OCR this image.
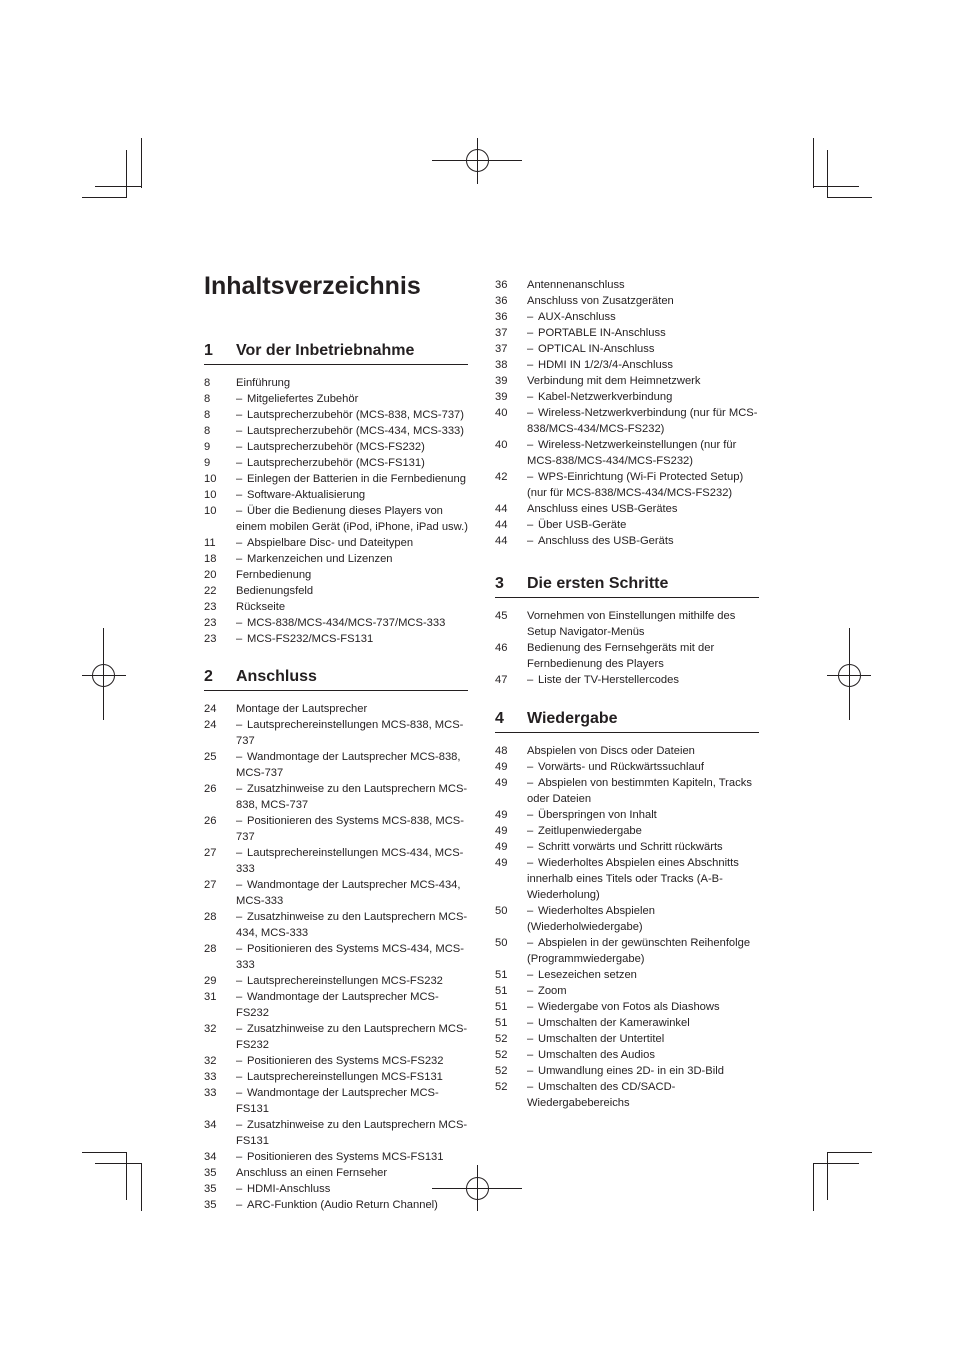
Inhaltsverzeichnis
1 Vor der Inbetriebnahme
8 Einführung
8	– Mitgeliefertes Zubehör
8	– Lautsprecherzubehör (MCS-838, MCS-737)
8	– Lautsprecherzubehör (MCS-434, MCS-333)
9	– Lautsprecherzubehör (MCS-FS232)
9	– Lautsprecherzubehör (MCS-FS131)
10	– Einlegen der Batterien in die Fernbedienung
10	– Software-Aktualisierung
10	– Über die Bedienung dieses Players von einem mobilen Gerät (iPod, iPhone, iPad usw.)
11	– Abspielbare Disc- und Dateitypen
18	– Markenzeichen und Lizenzen
20 Fernbedienung
22 Bedienungsfeld
23 Rückseite
23	– MCS-838/MCS-434/MCS-737/MCS-333
23	– MCS-FS232/MCS-FS131
2 Anschluss
24 Montage der Lautsprecher
24	– Lautsprechereinstellungen MCS-838, MCS-737
25	– Wandmontage der Lautsprecher MCS-838, MCS-737
26	– Zusatzhinweise zu den Lautsprechern MCS-838, MCS-737
26	– Positionieren des Systems MCS-838, MCS-737
27	– Lautsprechereinstellungen MCS-434, MCS-333
27	– Wandmontage der Lautsprecher MCS-434, MCS-333
28	– Zusatzhinweise zu den Lautsprechern MCS-434, MCS-333
28	– Positionieren des Systems MCS-434, MCS-333
29	– Lautsprechereinstellungen MCS-FS232
31	– Wandmontage der Lautsprecher MCS-FS232
32	– Zusatzhinweise zu den Lautsprechern MCS-FS232
32	– Positionieren des Systems MCS-FS232
33	– Lautsprechereinstellungen MCS-FS131
33	– Wandmontage der Lautsprecher MCS-FS131
34	– Zusatzhinweise zu den Lautsprechern MCS-FS131
34	– Positionieren des Systems MCS-FS131
35 Anschluss an einen Fernseher
35	– HDMI-Anschluss
35	– ARC-Funktion (Audio Return Channel)
36 Antennenanschluss
36 Anschluss von Zusatzgeräten
36	– AUX-Anschluss
37	– PORTABLE IN-Anschluss
37	– OPTICAL IN-Anschluss
38	– HDMI IN 1/2/3/4-Anschluss
39 Verbindung mit dem Heimnetzwerk
39	– Kabel-Netzwerkverbindung
40	– Wireless-Netzwerkverbindung (nur für MCS-838/MCS-434/MCS-FS232)
40	– Wireless-Netzwerkeinstellungen (nur für MCS-838/MCS-434/MCS-FS232)
42	– WPS-Einrichtung (Wi-Fi Protected Setup) (nur für MCS-838/MCS-434/MCS-FS232)
44 Anschluss eines USB-Gerätes
44	– Über USB-Geräte
44	– Anschluss des USB-Geräts
3 Die ersten Schritte
45 Vornehmen von Einstellungen mithilfe des Setup Navigator-Menüs
46 Bedienung des Fernsehgeräts mit der Fernbedienung des Players
47	– Liste der TV-Herstellercodes
4 Wiedergabe
48 Abspielen von Discs oder Dateien
49	– Vorwärts- und Rückwärtssuchlauf
49	– Abspielen von bestimmten Kapiteln, Tracks oder Dateien
49	– Überspringen von Inhalt
49	– Zeitlupenwiedergabe
49	– Schritt vorwärts und Schritt rückwärts
49	– Wiederholtes Abspielen eines Abschnitts innerhalb eines Titels oder Tracks (A-B-Wiederholung)
50	– Wiederholtes Abspielen (Wiederholwiedergabe)
50	– Abspielen in der gewünschten Reihenfolge (Programmwiedergabe)
51	– Lesezeichen setzen
51	– Zoom
51	– Wiedergabe von Fotos als Diashows
51	– Umschalten der Kamerawinkel
52	– Umschalten der Untertitel
52	– Umschalten des Audios
52	– Umwandlung eines 2D- in ein 3D-Bild
52	– Umschalten des CD/SACD-Wiedergabebereichs
